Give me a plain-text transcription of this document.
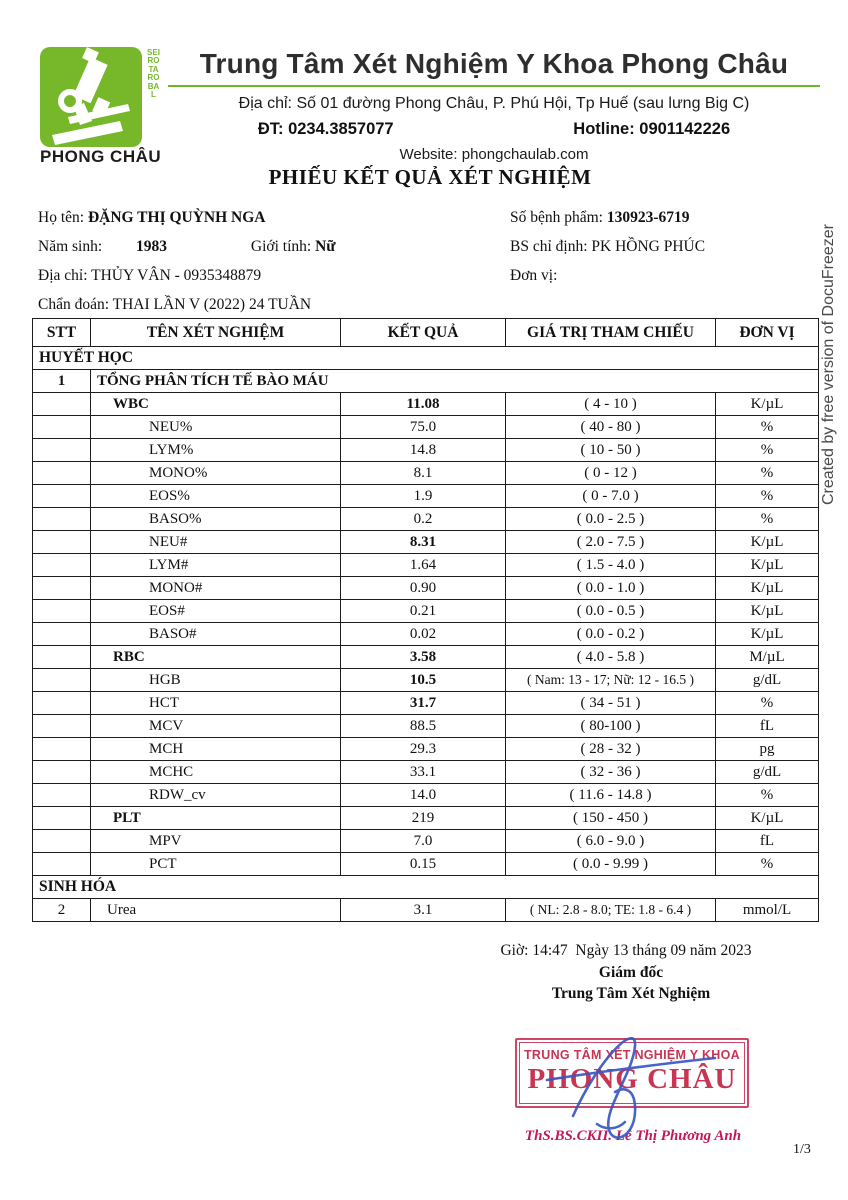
SEIROTAROBAL
PHONG CHÂU
Trung Tâm Xét Nghiệm Y Khoa Phong Châu
Địa chỉ: Số 01 đường Phong Châu, P. Phú Hội, Tp Huế (sau lưng Big C)
ĐT: 0234.3857077	Hotline: 0901142226
Website: phongchaulab.com
Created by free version of DocuFreezer
PHIẾU KẾT QUẢ XÉT NGHIỆM
Họ tên: ĐẶNG THỊ QUỲNH NGA	Số bệnh phẩm: 130923-6719
Năm sinh: 1983	Giới tính: Nữ	BS chỉ định: PK HỒNG PHÚC
Địa chỉ: THỦY VÂN - 0935348879	Đơn vị:
Chẩn đoán: THAI LẦN V (2022) 24 TUẦN
STT	TÊN XÉT NGHIỆM	KẾT QUẢ	GIÁ TRỊ THAM CHIẾU	ĐƠN VỊ
HUYẾT HỌC				
1	TỔNG PHÂN TÍCH TẾ BÀO MÁU			
	WBC	11.08	( 4 - 10 )	K/µL
	NEU%	75.0	( 40 - 80 )	%
	LYM%	14.8	( 10 - 50 )	%
	MONO%	8.1	( 0 - 12 )	%
	EOS%	1.9	( 0 - 7.0 )	%
	BASO%	0.2	( 0.0 - 2.5 )	%
	NEU#	8.31	( 2.0 - 7.5 )	K/µL
	LYM#	1.64	( 1.5 - 4.0 )	K/µL
	MONO#	0.90	( 0.0 - 1.0 )	K/µL
	EOS#	0.21	( 0.0 - 0.5 )	K/µL
	BASO#	0.02	( 0.0 - 0.2 )	K/µL
	RBC	3.58	( 4.0 - 5.8 )	M/µL
	HGB	10.5	( Nam: 13 - 17; Nữ: 12 - 16.5 )	g/dL
	HCT	31.7	( 34 - 51 )	%
	MCV	88.5	( 80-100 )	fL
	MCH	29.3	( 28 - 32 )	pg
	MCHC	33.1	( 32 - 36 )	g/dL
	RDW_cv	14.0	( 11.6 - 14.8 )	%
	PLT	219	( 150 - 450 )	K/µL
	MPV	7.0	( 6.0 - 9.0 )	fL
	PCT	0.15	( 0.0 - 9.99 )	%
SINH HÓA				
2	Urea	3.1	( NL: 2.8 - 8.0; TE: 1.8 - 6.4 )	mmol/L
Giờ: 14:47  Ngày 13 tháng 09 năm 2023
Giám đốc
Trung Tâm Xét Nghiệm
TRUNG TÂM XÉT NGHIỆM Y KHOA
PHONG CHÂU
ThS.BS.CKII. Lê Thị Phương Anh
1/3
